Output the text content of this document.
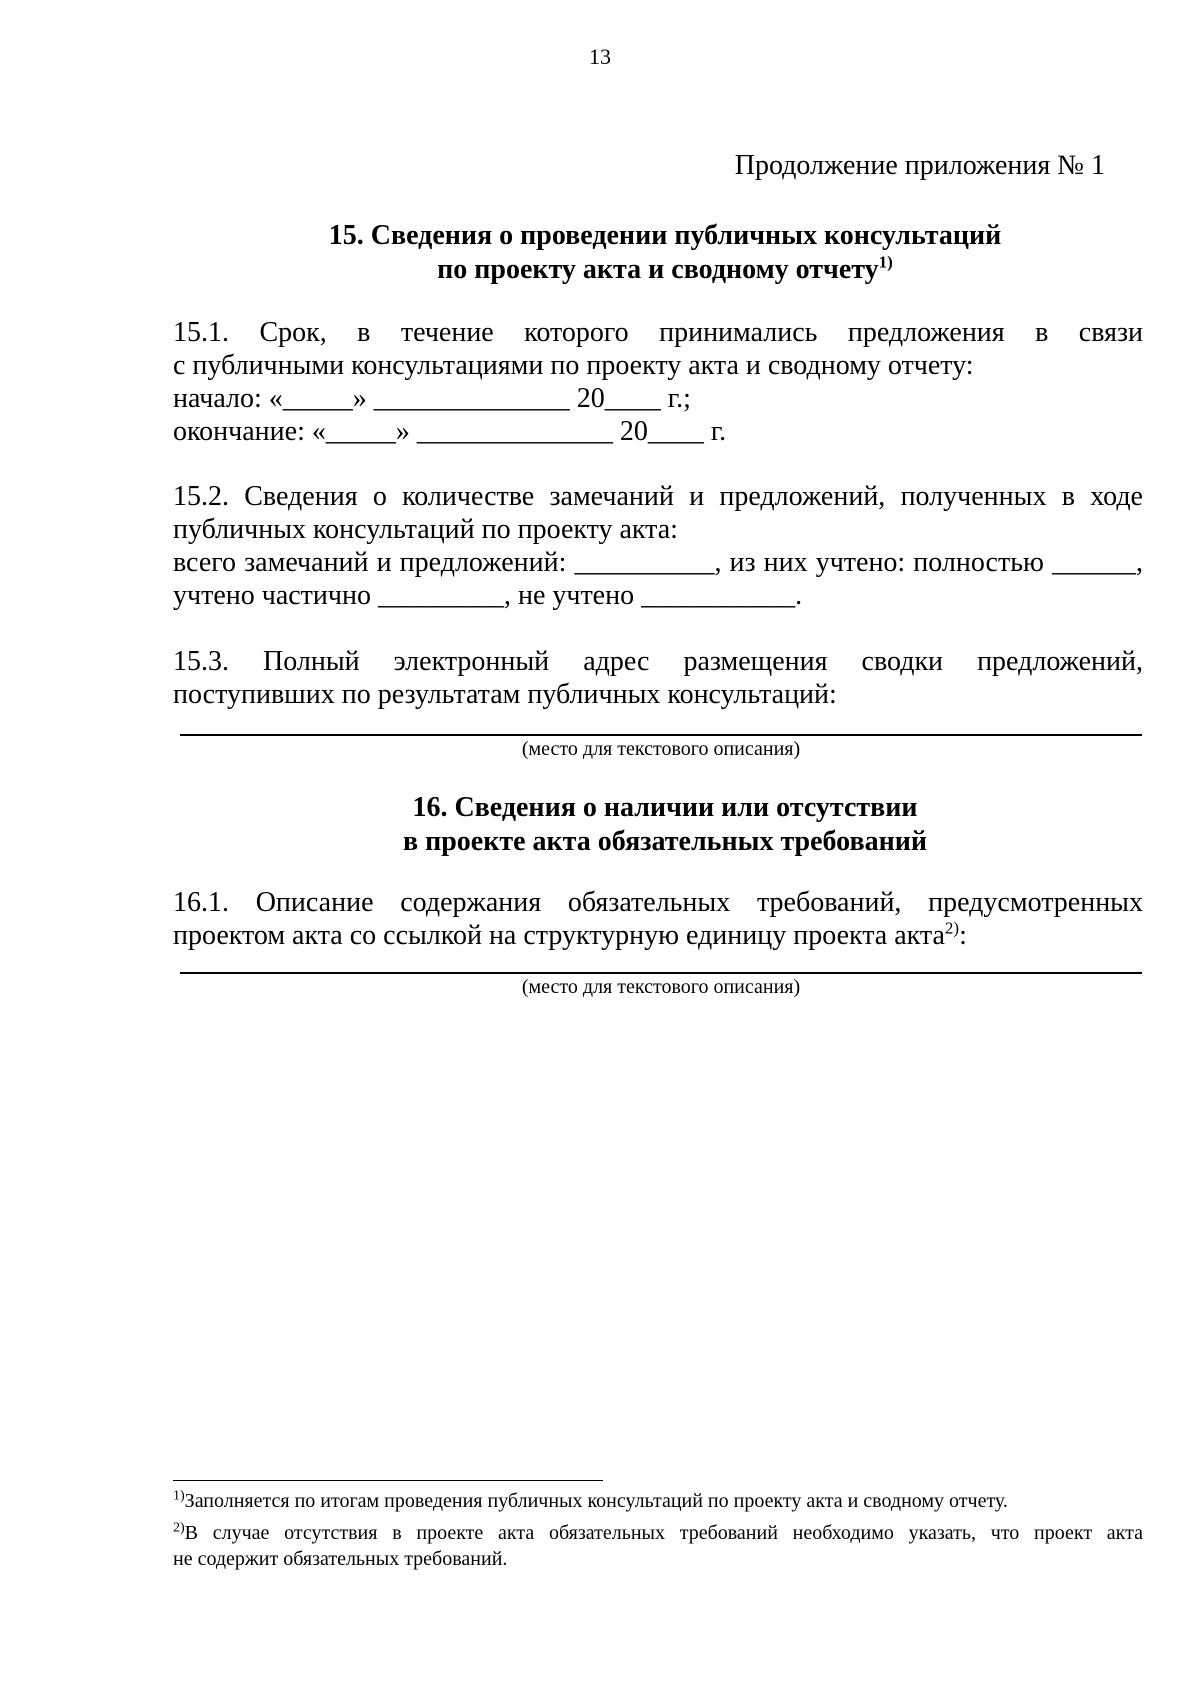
13
Продолжение приложения № 1
15. Сведения о проведении публичных консультаций
по проекту акта и сводному отчету$^{1)}$
15.1. Срок, в течение которого принимались предложения в связи
с публичными консультациями по проекту акта и сводному отчету:
начало: «_____» ______________ 20____ г.;
окончание: «_____» ______________ 20____ г.
15.2. Сведения о количестве замечаний и предложений, полученных в ходе
публичных консультаций по проекту акта:
всего замечаний и предложений: __________, из них учтено: полностью ______,
учтено частично _________, не учтено ___________.
15.3. Полный электронный адрес размещения сводки предложений,
поступивших по результатам публичных консультаций:
(место для текстового описания)
16. Сведения о наличии или отсутствии
в проекте акта обязательных требований
16.1. Описание содержания обязательных требований, предусмотренных
проектом акта со ссылкой на структурную единицу проекта акта$^{2)}$:
(место для текстового описания)
$^{1)}$Заполняется по итогам проведения публичных консультаций по проекту акта и сводному отчету.
$^{2)}$В случае отсутствия в проекте акта обязательных требований необходимо указать, что проект акта
не содержит обязательных требований.
